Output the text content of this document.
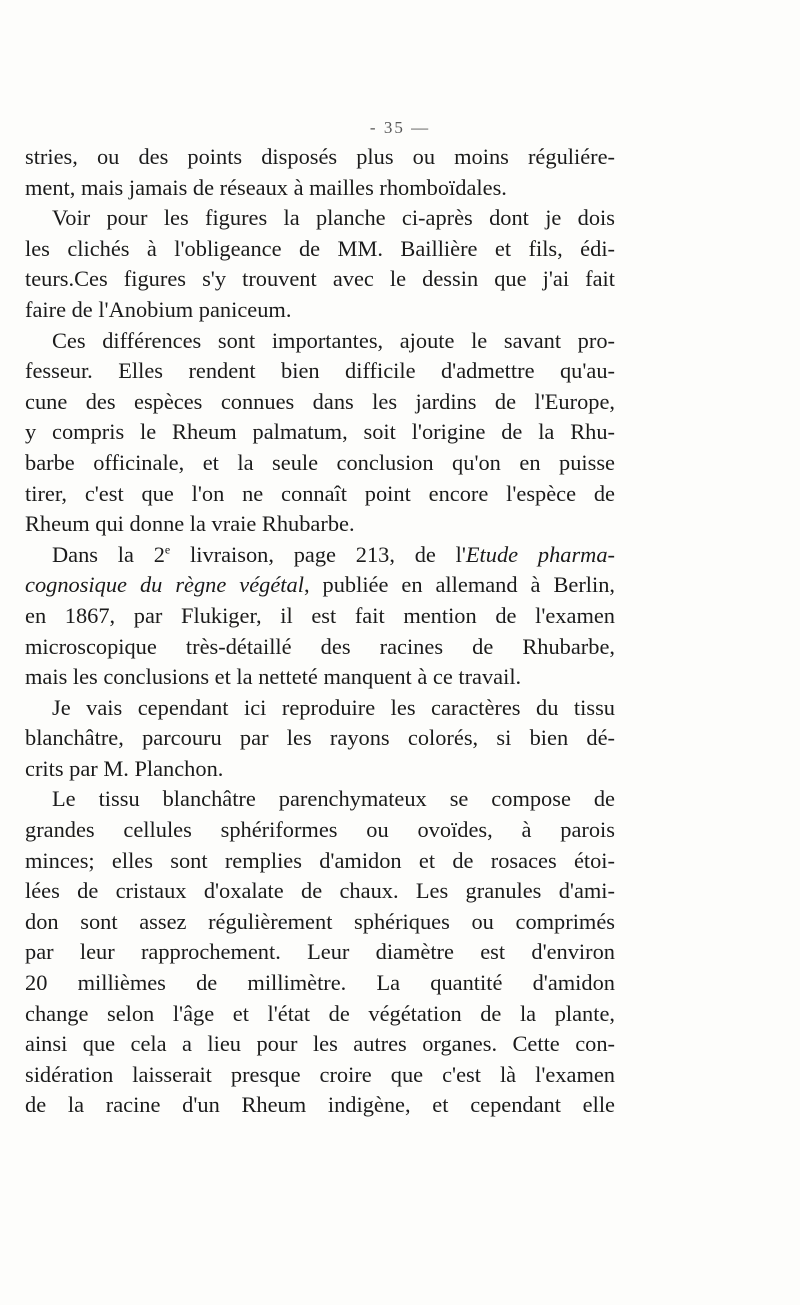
- 35 —
stries, ou des points disposés plus ou moins réguliére-
ment, mais jamais de réseaux à mailles rhomboïdales.
Voir pour les figures la planche ci-après dont je dois
les clichés à l'obligeance de MM. Baillière et fils, édi-
teurs.Ces figures s'y trouvent avec le dessin que j'ai fait
faire de l'Anobium paniceum.
Ces différences sont importantes, ajoute le savant pro-
fesseur. Elles rendent bien difficile d'admettre qu'au-
cune des espèces connues dans les jardins de l'Europe,
y compris le Rheum palmatum, soit l'origine de la Rhu-
barbe officinale, et la seule conclusion qu'on en puisse
tirer, c'est que l'on ne connaît point encore l'espèce de
Rheum qui donne la vraie Rhubarbe.
Dans la 2e livraison, page 213, de l'Etude pharma-
cognosique du règne végétal, publiée en allemand à Berlin,
en 1867, par Flukiger, il est fait mention de l'examen
microscopique très-détaillé des racines de Rhubarbe,
mais les conclusions et la netteté manquent à ce travail.
Je vais cependant ici reproduire les caractères du tissu
blanchâtre, parcouru par les rayons colorés, si bien dé-
crits par M. Planchon.
Le tissu blanchâtre parenchymateux se compose de
grandes cellules sphériformes ou ovoïdes, à parois
minces; elles sont remplies d'amidon et de rosaces étoi-
lées de cristaux d'oxalate de chaux. Les granules d'ami-
don sont assez régulièrement sphériques ou comprimés
par leur rapprochement. Leur diamètre est d'environ
20 millièmes de millimètre. La quantité d'amidon
change selon l'âge et l'état de végétation de la plante,
ainsi que cela a lieu pour les autres organes. Cette con-
sidération laisserait presque croire que c'est là l'examen
de la racine d'un Rheum indigène, et cependant elle
